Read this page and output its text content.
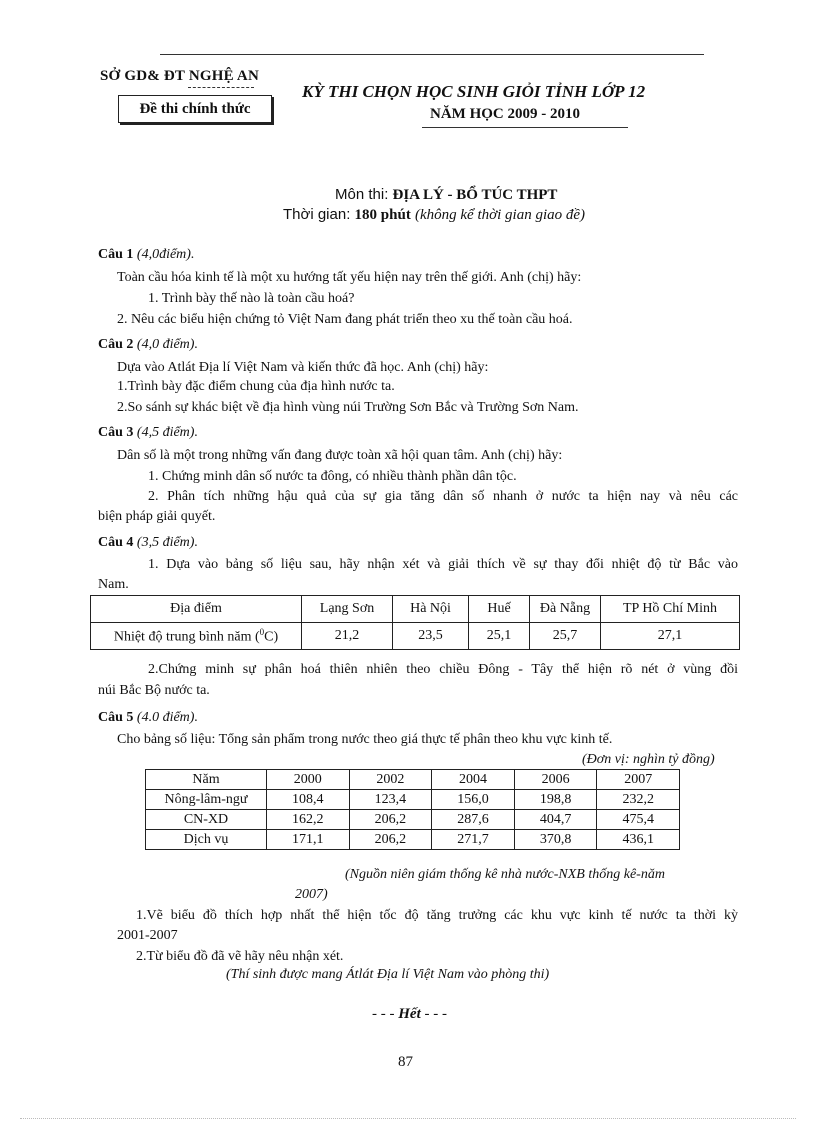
SỞ GD& ĐT NGHỆ AN
Đề thi chính thức
KỲ THI CHỌN HỌC SINH GIỎI TỈNH LỚP 12
NĂM HỌC 2009 - 2010
Môn thi: ĐỊA LÝ - BỔ TÚC THPT
Thời gian: 180 phút (không kể thời gian giao đề)
Câu 1 (4,0điểm).
Toàn cầu hóa kinh tế là một xu hướng tất yếu hiện nay trên thế giới. Anh (chị) hãy:
1. Trình bày thế nào là toàn cầu hoá?
2. Nêu các biểu hiện chứng tỏ Việt Nam đang phát triển theo xu thế toàn cầu hoá.
Câu 2 (4,0 điểm).
Dựa vào Atlát Địa lí Việt Nam và kiến thức đã học. Anh (chị) hãy:
1.Trình bày đặc điểm chung của địa hình nước ta.
2.So sánh sự khác biệt về địa hình vùng núi Trường Sơn Bắc và Trường Sơn Nam.
Câu 3 (4,5 điểm).
Dân số là một trong những vấn đang được toàn xã hội quan tâm. Anh (chị) hãy:
1. Chứng minh dân số nước ta đông, có nhiều thành phần dân tộc.
2. Phân tích những hậu quả của sự gia tăng dân số nhanh ở nước ta hiện nay và nêu các
biện pháp giải quyết.
Câu 4 (3,5 điểm).
1. Dựa vào bảng số liệu sau, hãy nhận xét và giải thích về sự thay đổi nhiệt độ từ Bắc vào
Nam.
Địa điểm	Lạng Sơn	Hà Nội	Huế	Đà Nẵng	TP Hồ Chí Minh
Nhiệt độ trung bình năm ($^0$C)	21,2	23,5	25,1	25,7	27,1
2.Chứng minh sự phân hoá thiên nhiên theo chiều Đông - Tây thể hiện rõ nét ở vùng đồi
núi Bắc Bộ nước ta.
Câu 5 (4.0 điểm).
Cho bảng số liệu: Tổng sản phẩm trong nước theo giá thực tế phân theo khu vực kinh tế.
(Đơn vị: nghìn tỷ đồng)
Năm	2000	2002	2004	2006	2007
Nông-lâm-ngư	108,4	123,4	156,0	198,8	232,2
CN-XD	162,2	206,2	287,6	404,7	475,4
Dịch vụ	171,1	206,2	271,7	370,8	436,1
(Nguồn niên giám thống kê nhà nước-NXB thống kê-năm
2007)
1.Vẽ biểu đồ thích hợp nhất thể hiện tốc độ tăng trưởng các khu vực kinh tế nước ta thời kỳ
2001-2007
2.Từ biểu đồ đã vẽ hãy nêu nhận xét.
(Thí sinh được mang Átlát Địa lí Việt Nam vào phòng thi)
- - - Hết - - -
87
